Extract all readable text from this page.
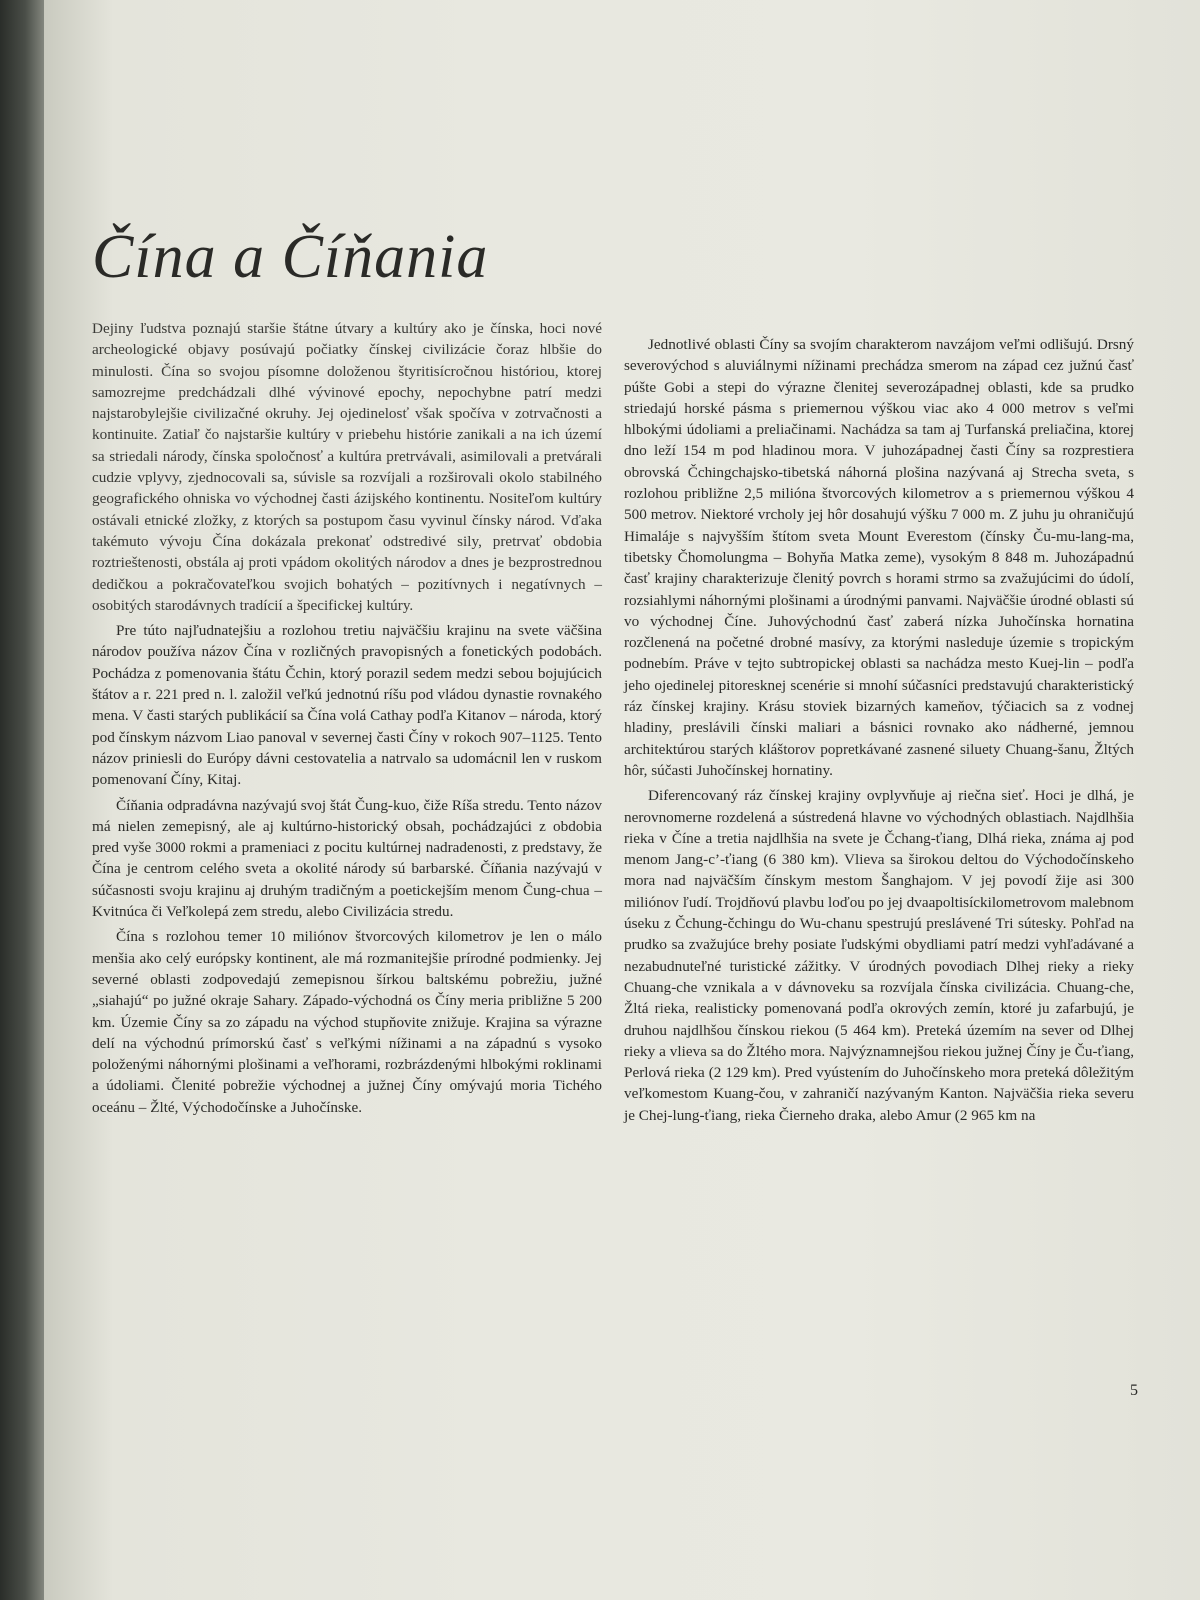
Čína a Číňania

Dejiny ľudstva poznajú staršie štátne útvary a kultúry ako je čínska, hoci nové archeologické objavy posúvajú počiatky čínskej civilizácie čoraz hlbšie do minulosti. Čína so svojou písomne doloženou štyritisícročnou históriou, ktorej samozrejme predchádzali dlhé vývinové epochy, nepochybne patrí medzi najstarobylejšie civilizačné okruhy. Jej ojedinelosť však spočíva v zotrvačnosti a kontinuite. Zatiaľ čo najstaršie kultúry v priebehu histórie zanikali a na ich území sa striedali národy, čínska spoločnosť a kultúra pretrvávali, asimilovali a pretvárali cudzie vplyvy, zjednocovali sa, súvisle sa rozvíjali a rozširovali okolo stabilného geografického ohniska vo východnej časti ázijského kontinentu. Nositeľom kultúry ostávali etnické zložky, z ktorých sa postupom času vyvinul čínsky národ. Vďaka takémuto vývoju Čína dokázala prekonať odstredivé sily, pretrvať obdobia roztrieštenosti, obstála aj proti vpádom okolitých národov a dnes je bezprostrednou dedičkou a pokračovateľkou svojich bohatých – pozitívnych i negatívnych – osobitých starodávnych tradícií a špecifickej kultúry.

Pre túto najľudnatejšiu a rozlohou tretiu najväčšiu krajinu na svete väčšina národov používa názov Čína v rozličných pravopisných a fonetických podobách. Pochádza z pomenovania štátu Čchin, ktorý porazil sedem medzi sebou bojujúcich štátov a r. 221 pred n. l. založil veľkú jednotnú ríšu pod vládou dynastie rovnakého mena. V časti starých publikácií sa Čína volá Cathay podľa Kitanov – národa, ktorý pod čínskym názvom Liao panoval v severnej časti Číny v rokoch 907–1125. Tento názov priniesli do Európy dávni cestovatelia a natrvalo sa udomácnil len v ruskom pomenovaní Číny, Kitaj.

Číňania odpradávna nazývajú svoj štát Čung-kuo, čiže Ríša stredu. Tento názov má nielen zemepisný, ale aj kultúrno-historický obsah, pochádzajúci z obdobia pred vyše 3000 rokmi a prameniaci z pocitu kultúrnej nadradenosti, z predstavy, že Čína je centrom celého sveta a okolité národy sú barbarské. Číňania nazývajú v súčasnosti svoju krajinu aj druhým tradičným a poetickejším menom Čung-chua – Kvitnúca či Veľkolepá zem stredu, alebo Civilizácia stredu.

Čína s rozlohou temer 10 miliónov štvorcových kilometrov je len o málo menšia ako celý európsky kontinent, ale má rozmanitejšie prírodné podmienky. Jej severné oblasti zodpovedajú zemepisnou šírkou baltskému pobrežiu, južné „siahajú“ po južné okraje Sahary. Západo-východná os Číny meria približne 5 200 km. Územie Číny sa zo západu na východ stupňovite znižuje. Krajina sa výrazne delí na východnú prímorskú časť s veľkými nížinami a na západnú s vysoko položenými náhornými plošinami a veľhorami, rozbrázdenými hlbokými roklinami a údoliami. Členité pobrežie východnej a južnej Číny omývajú moria Tichého oceánu – Žlté, Východočínske a Juhočínske.

Jednotlivé oblasti Číny sa svojím charakterom navzájom veľmi odlišujú. Drsný severovýchod s aluviálnymi nížinami prechádza smerom na západ cez južnú časť púšte Gobi a stepi do výrazne členitej severozápadnej oblasti, kde sa prudko striedajú horské pásma s priemernou výškou viac ako 4 000 metrov s veľmi hlbokými údoliami a preliačinami. Nachádza sa tam aj Turfanská preliačina, ktorej dno leží 154 m pod hladinou mora. V juhozápadnej časti Číny sa rozprestiera obrovská Čchingchajsko-tibetská náhorná plošina nazývaná aj Strecha sveta, s rozlohou približne 2,5 milióna štvorcových kilometrov a s priemernou výškou 4 500 metrov. Niektoré vrcholy jej hôr dosahujú výšku 7 000 m. Z juhu ju ohraničujú Himaláje s najvyšším štítom sveta Mount Everestom (čínsky Ču-mu-lang-ma, tibetsky Čhomolungma – Bohyňa Matka zeme), vysokým 8 848 m. Juhozápadnú časť krajiny charakterizuje členitý povrch s horami strmo sa zvažujúcimi do údolí, rozsiahlymi náhornými plošinami a úrodnými panvami. Najväčšie úrodné oblasti sú vo východnej Číne. Juhovýchodnú časť zaberá nízka Juhočínska hornatina rozčlenená na početné drobné masívy, za ktorými nasleduje územie s tropickým podnebím. Práve v tejto subtropickej oblasti sa nachádza mesto Kuej-lin – podľa jeho ojedinelej pitoresknej scenérie si mnohí súčasníci predstavujú charakteristický ráz čínskej krajiny. Krásu stoviek bizarných kameňov, týčiacich sa z vodnej hladiny, preslávili čínski maliari a básnici rovnako ako nádherné, jemnou architektúrou starých kláštorov popretkávané zasnené siluety Chuang-šanu, Žltých hôr, súčasti Juhočínskej hornatiny.

Diferencovaný ráz čínskej krajiny ovplyvňuje aj riečna sieť. Hoci je dlhá, je nerovnomerne rozdelená a sústredená hlavne vo východných oblastiach. Najdlhšia rieka v Číne a tretia najdlhšia na svete je Čchang-ťiang, Dlhá rieka, známa aj pod menom Jang-c’-ťiang (6 380 km). Vlieva sa širokou deltou do Východočínskeho mora nad najväčším čínskym mestom Šanghajom. V jej povodí žije asi 300 miliónov ľudí. Trojdňovú plavbu loďou po jej dvaapoltisíckilometrovom malebnom úseku z Čchung-čchingu do Wu-chanu spestrujú preslávené Tri sútesky. Pohľad na prudko sa zvažujúce brehy posiate ľudskými obydliami patrí medzi vyhľadávané a nezabudnuteľné turistické zážitky. V úrodných povodiach Dlhej rieky a rieky Chuang-che vznikala a v dávnoveku sa rozvíjala čínska civilizácia. Chuang-che, Žltá rieka, realisticky pomenovaná podľa okrových zemín, ktoré ju zafarbujú, je druhou najdlhšou čínskou riekou (5 464 km). Preteká územím na sever od Dlhej rieky a vlieva sa do Žltého mora. Najvýznamnejšou riekou južnej Číny je Ču-ťiang, Perlová rieka (2 129 km). Pred vyústením do Juhočínskeho mora preteká dôležitým veľkomestom Kuang-čou, v zahraničí nazývaným Kanton. Najväčšia rieka severu je Chej-lung-ťiang, rieka Čierneho draka, alebo Amur (2 965 km na

5
